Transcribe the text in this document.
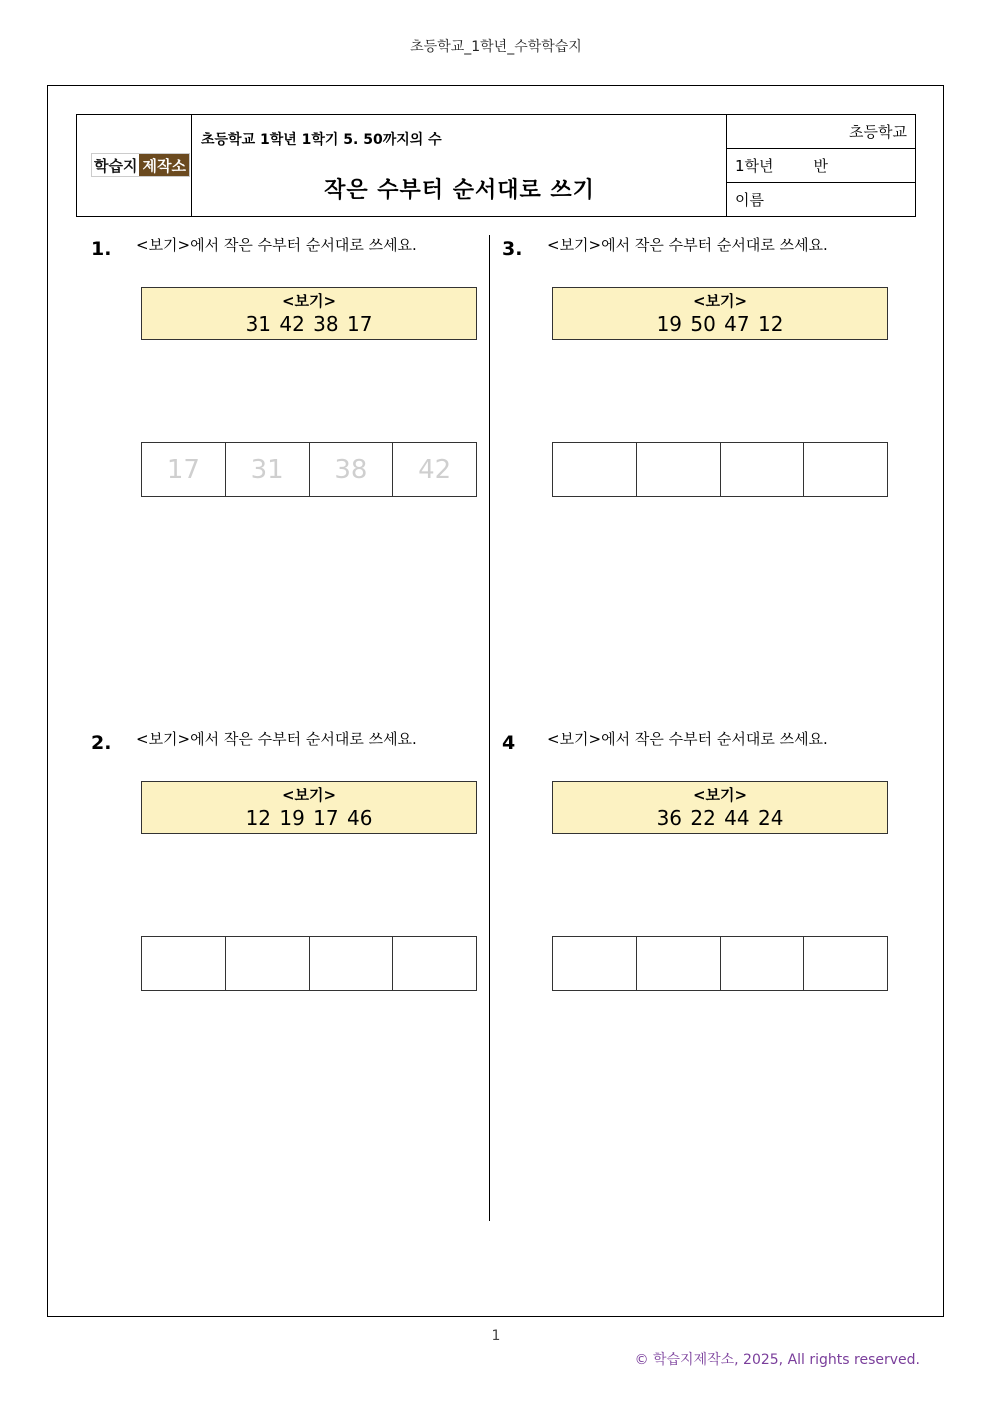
초등학교_1학년_수학학습지
학습지 제작소
초등학교 1학년 1학기 5. 50까지의 수
작은 수부터 순서대로 쓰기
초등학교
1학년	반
이름
1. <보기>에서 작은 수부터 순서대로 쓰세요.
<보기>
31 42 38 17
17	31	38	42
2. <보기>에서 작은 수부터 순서대로 쓰세요.
<보기>
12 19 17 46
3. <보기>에서 작은 수부터 순서대로 쓰세요.
<보기>
19 50 47 12
4 <보기>에서 작은 수부터 순서대로 쓰세요.
<보기>
36 22 44 24
1
© 학습지제작소, 2025, All rights reserved.
